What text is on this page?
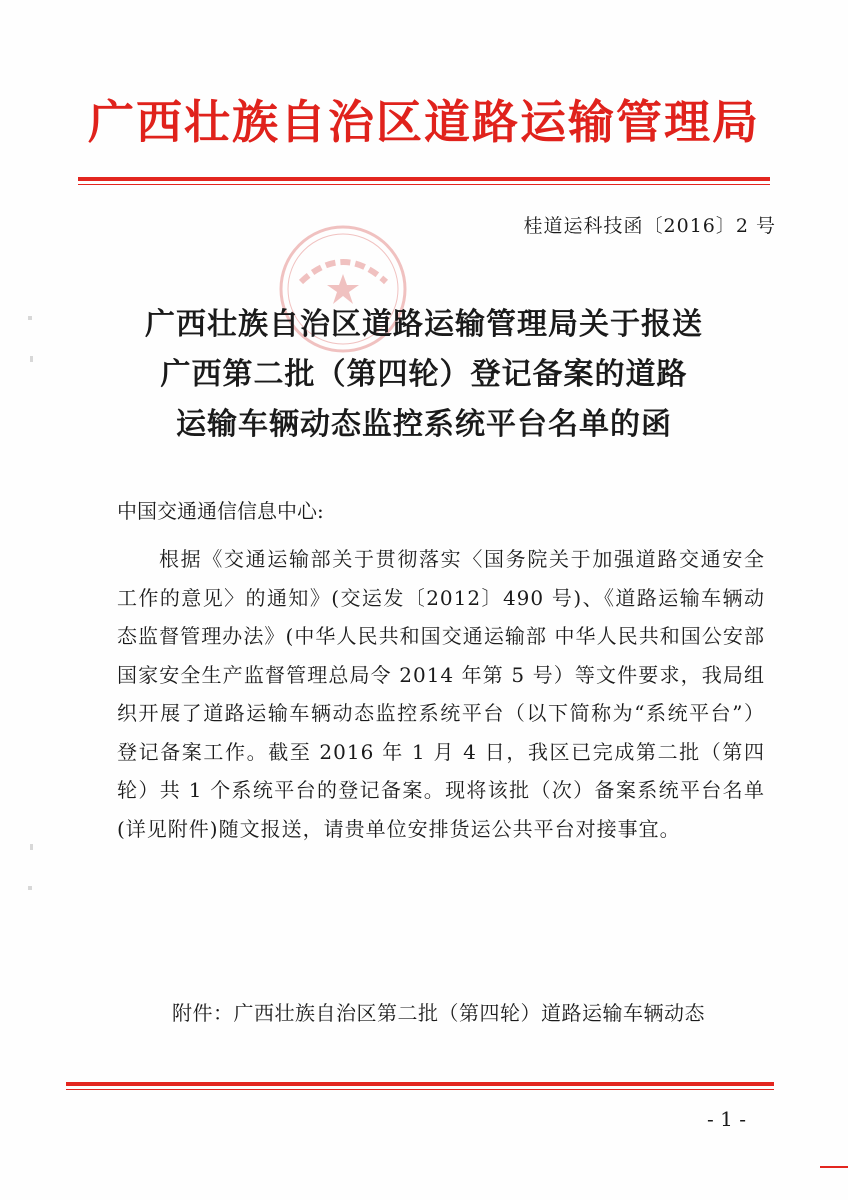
广西壮族自治区道路运输管理局
桂道运科技函〔2016〕2 号
广西壮族自治区道路运输管理局关于报送
广西第二批（第四轮）登记备案的道路
运输车辆动态监控系统平台名单的函
中国交通通信信息中心:
根据《交通运输部关于贯彻落实〈国务院关于加强道路交通安全工作的意见〉的通知》(交运发〔2012〕490 号)、《道路运输车辆动态监督管理办法》(中华人民共和国交通运输部 中华人民共和国公安部 国家安全生产监督管理总局令 2014 年第 5 号）等文件要求，我局组织开展了道路运输车辆动态监控系统平台（以下简称为“系统平台”）登记备案工作。截至 2016 年 1 月 4 日，我区已完成第二批（第四轮）共 1 个系统平台的登记备案。现将该批（次）备案系统平台名单(详见附件)随文报送，请贵单位安排货运公共平台对接事宜。
附件：广西壮族自治区第二批（第四轮）道路运输车辆动态
- 1 -
